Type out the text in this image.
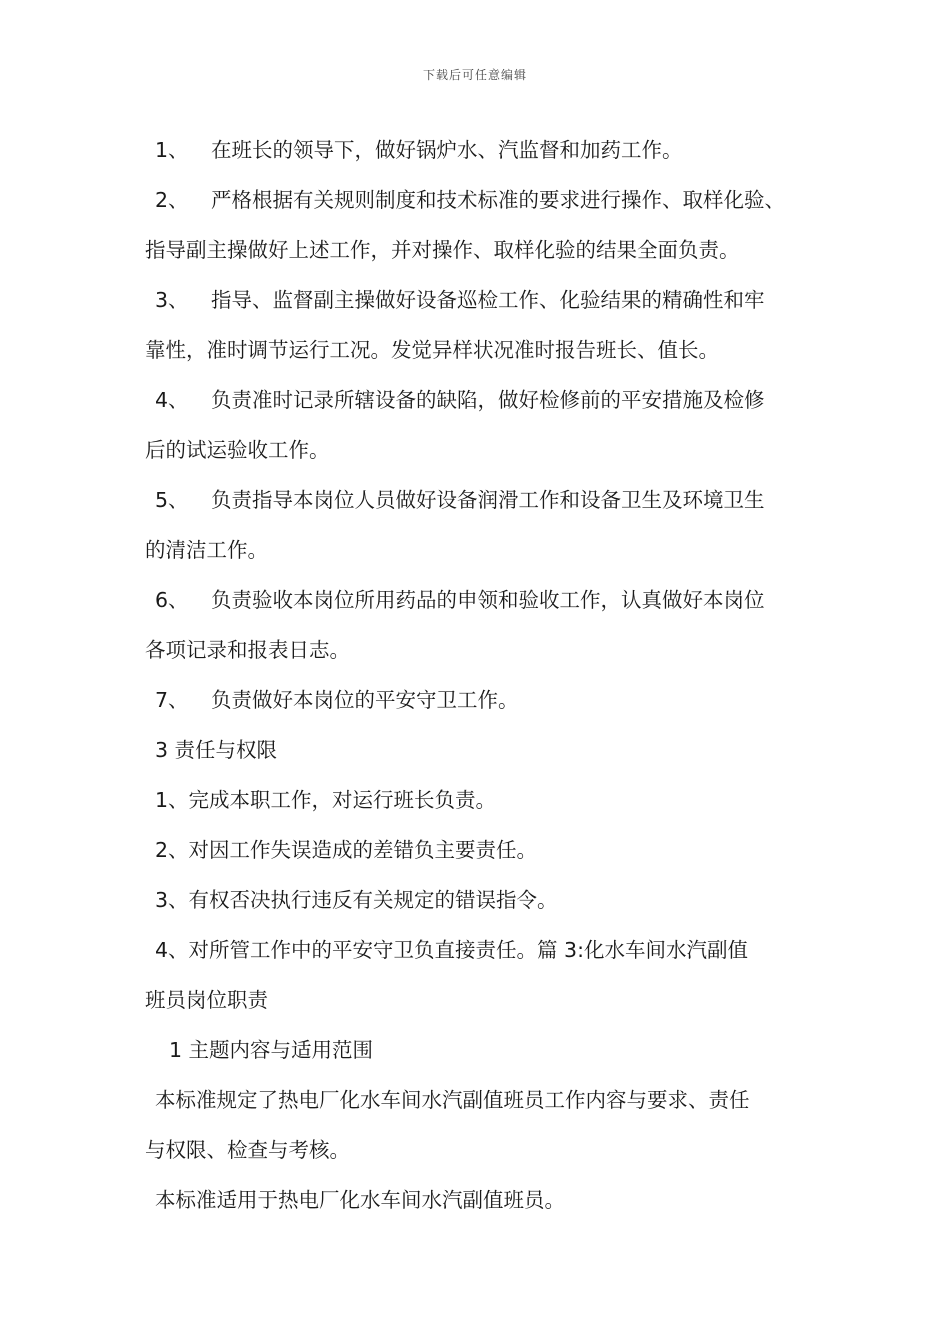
下载后可任意编辑
1、 在班长的领导下，做好锅炉水、汽监督和加药工作。
2、 严格根据有关规则制度和技术标准的要求进行操作、取样化验、
指导副主操做好上述工作，并对操作、取样化验的结果全面负责。
3、 指导、监督副主操做好设备巡检工作、化验结果的精确性和牢
靠性，准时调节运行工况。发觉异样状况准时报告班长、值长。
4、 负责准时记录所辖设备的缺陷，做好检修前的平安措施及检修
后的试运验收工作。
5、 负责指导本岗位人员做好设备润滑工作和设备卫生及环境卫生
的清洁工作。
6、 负责验收本岗位所用药品的申领和验收工作，认真做好本岗位
各项记录和报表日志。
7、 负责做好本岗位的平安守卫工作。
3 责任与权限
1、完成本职工作，对运行班长负责。
2、对因工作失误造成的差错负主要责任。
3、有权否决执行违反有关规定的错误指令。
4、对所管工作中的平安守卫负直接责任。篇 3:化水车间水汽副值
班员岗位职责
1 主题内容与适用范围
本标准规定了热电厂化水车间水汽副值班员工作内容与要求、责任
与权限、检查与考核。
本标准适用于热电厂化水车间水汽副值班员。
